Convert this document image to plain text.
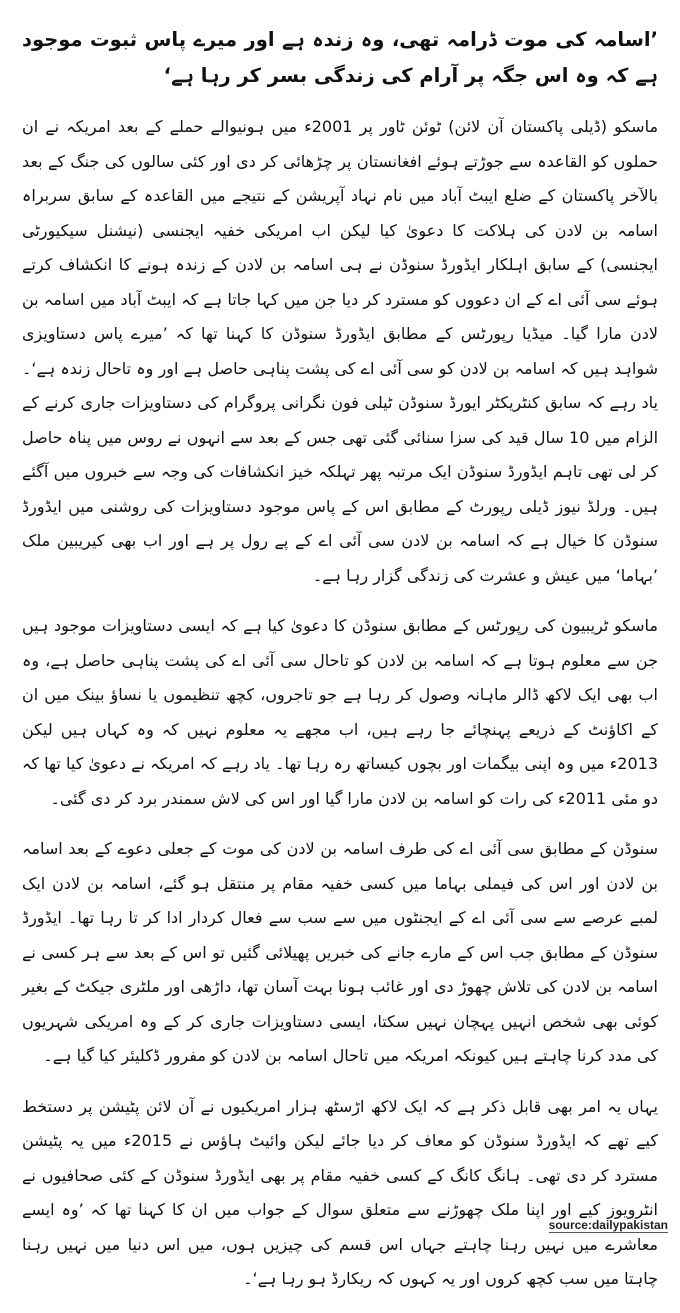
’اسامہ کی موت ڈرامہ تھی، وہ زندہ ہے اور میرے پاس ثبوت موجود ہے کہ وہ اس جگہ پر آرام کی زندگی بسر کر رہا ہے‘

ماسکو (ڈیلی پاکستان آن لائن) ٹوئن ٹاور پر 2001ء میں ہونیوالے حملے کے بعد امریکہ نے ان حملوں کو القاعدہ سے جوڑتے ہوئے افغانستان پر چڑھائی کر دی اور کئی سالوں کی جنگ کے بعد بالآخر پاکستان کے ضلع ایبٹ آباد میں نام نہاد آپریشن کے نتیجے میں القاعدہ کے سابق سربراہ اسامہ بن لادن کی ہلاکت کا دعویٰ کیا لیکن اب امریکی خفیہ ایجنسی (نیشنل سیکیورٹی ایجنسی) کے سابق اہلکار ایڈورڈ سنوڈن نے ہی اسامہ بن لادن کے زندہ ہونے کا انکشاف کرتے ہوئے سی آئی اے کے ان دعووں کو مسترد کر دیا جن میں کہا جاتا ہے کہ ایبٹ آباد میں اسامہ بن لادن مارا گیا۔ میڈیا رپورٹس کے مطابق ایڈورڈ سنوڈن کا کہنا تھا کہ ’میرے پاس دستاویزی شواہد ہیں کہ اسامہ بن لادن کو سی آئی اے کی پشت پناہی حاصل ہے اور وہ تاحال زندہ ہے‘۔ یاد رہے کہ سابق کنٹریکٹر ایورڈ سنوڈن ٹیلی فون نگرانی پروگرام کی دستاویزات جاری کرنے کے الزام میں 10 سال قید کی سزا سنائی گئی تھی جس کے بعد سے انہوں نے روس میں پناہ حاصل کر لی تھی تاہم ایڈورڈ سنوڈن ایک مرتبہ پھر تہلکہ خیز انکشافات کی وجہ سے خبروں میں آگئے ہیں۔ ورلڈ نیوز ڈیلی رپورٹ کے مطابق اس کے پاس موجود دستاویزات کی روشنی میں ایڈورڈ سنوڈن کا خیال ہے کہ اسامہ بن لادن سی آئی اے کے پے رول پر ہے اور اب بھی کیریبین ملک ’بہاما‘ میں عیش و عشرت کی زندگی گزار رہا ہے۔

ماسکو ٹریبیون کی رپورٹس کے مطابق سنوڈن کا دعویٰ کیا ہے کہ ایسی دستاویزات موجود ہیں جن سے معلوم ہوتا ہے کہ اسامہ بن لادن کو تاحال سی آئی اے کی پشت پناہی حاصل ہے، وہ اب بھی ایک لاکھ ڈالر ماہانہ وصول کر رہا ہے جو تاجروں، کچھ تنظیموں یا نساؤ بینک میں ان کے اکاؤنٹ کے ذریعے پہنچائے جا رہے ہیں، اب مجھے یہ معلوم نہیں کہ وہ کہاں ہیں لیکن 2013ء میں وہ اپنی بیگمات اور بچوں کیساتھ رہ رہا تھا۔ یاد رہے کہ امریکہ نے دعویٰ کیا تھا کہ دو مئی 2011ء کی رات کو اسامہ بن لادن مارا گیا اور اس کی لاش سمندر برد کر دی گئی۔

سنوڈن کے مطابق سی آئی اے کی طرف اسامہ بن لادن کی موت کے جعلی دعوے کے بعد اسامہ بن لادن اور اس کی فیملی بہاما میں کسی خفیہ مقام پر منتقل ہو گئے، اسامہ بن لادن ایک لمبے عرصے سے سی آئی اے کے ایجنٹوں میں سے سب سے فعال کردار ادا کر تا رہا تھا۔ ایڈورڈ سنوڈن کے مطابق جب اس کے مارے جانے کی خبریں پھیلائی گئیں تو اس کے بعد سے ہر کسی نے اسامہ بن لادن کی تلاش چھوڑ دی اور غائب ہونا بہت آسان تھا، داڑھی اور ملٹری جیکٹ کے بغیر کوئی بھی شخص انہیں پہچان نہیں سکتا، ایسی دستاویزات جاری کر کے وہ امریکی شہریوں کی مدد کرنا چاہتے ہیں کیونکہ امریکہ میں تاحال اسامہ بن لادن کو مفرور ڈکلیئر کیا گیا ہے۔

یہاں یہ امر بھی قابل ذکر ہے کہ ایک لاکھ اڑسٹھ ہزار امریکیوں نے آن لائن پٹیشن پر دستخط کیے تھے کہ ایڈورڈ سنوڈن کو معاف کر دیا جائے لیکن وائیٹ ہاؤس نے 2015ء میں یہ پٹیشن مسترد کر دی تھی۔ ہانگ کانگ کے کسی خفیہ مقام پر بھی ایڈورڈ سنوڈن کے کئی صحافیوں نے انٹرویوز کیے اور اپنا ملک چھوڑنے سے متعلق سوال کے جواب میں ان کا کہنا تھا کہ ’وہ ایسے معاشرے میں نہیں رہنا چاہتے جہاں اس قسم کی چیزیں ہوں، میں اس دنیا میں نہیں رہنا چاہتا میں سب کچھ کروں اور یہ کہوں کہ ریکارڈ ہو رہا ہے‘۔

source:dailypakistan
